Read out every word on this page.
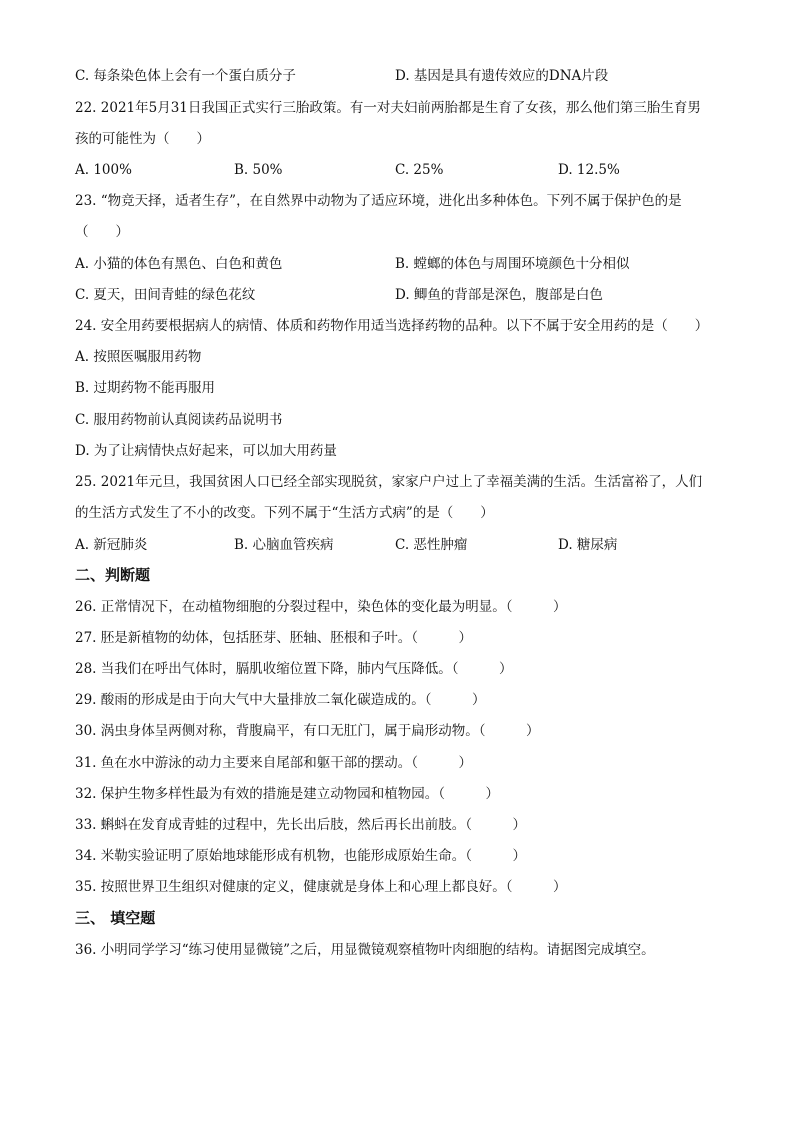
C. 每条染色体上会有一个蛋白质分子	D. 基因是具有遗传效应的DNA片段
22. 2021年5月31日我国正式实行三胎政策。有一对夫妇前两胎都是生育了女孩，那么他们第三胎生育男
孩的可能性为（　　）
A. 100%	B. 50%	C. 25%	D. 12.5%
23. “物竞天择，适者生存”，在自然界中动物为了适应环境，进化出多种体色。下列不属于保护色的是
（　　）
A. 小猫的体色有黑色、白色和黄色	B. 螳螂的体色与周围环境颜色十分相似
C. 夏天，田间青蛙的绿色花纹	D. 鲫鱼的背部是深色，腹部是白色
24. 安全用药要根据病人的病情、体质和药物作用适当选择药物的品种。以下不属于安全用药的是（　　）
A. 按照医嘱服用药物
B. 过期药物不能再服用
C. 服用药物前认真阅读药品说明书
D. 为了让病情快点好起来，可以加大用药量
25. 2021年元旦，我国贫困人口已经全部实现脱贫，家家户户过上了幸福美满的生活。生活富裕了，人们
的生活方式发生了不小的改变。下列不属于“生活方式病”的是（　　）
A. 新冠肺炎	B. 心脑血管疾病	C. 恶性肿瘤	D. 糖尿病
二、判断题
26. 正常情况下，在动植物细胞的分裂过程中，染色体的变化最为明显。（　　　）
27. 胚是新植物的幼体，包括胚芽、胚轴、胚根和子叶。（　　　）
28. 当我们在呼出气体时，膈肌收缩位置下降，肺内气压降低。（　　　）
29. 酸雨的形成是由于向大气中大量排放二氧化碳造成的。（　　　）
30. 涡虫身体呈两侧对称，背腹扁平，有口无肛门，属于扁形动物。（　　　）
31. 鱼在水中游泳的动力主要来自尾部和躯干部的摆动。（　　　）
32. 保护生物多样性最为有效的措施是建立动物园和植物园。（　　　）
33. 蝌蚪在发育成青蛙的过程中，先长出后肢，然后再长出前肢。（　　　）
34. 米勒实验证明了原始地球能形成有机物，也能形成原始生命。（　　　）
35. 按照世界卫生组织对健康的定义，健康就是身体上和心理上都良好。（　　　）
三、 填空题
36. 小明同学学习“练习使用显微镜”之后，用显微镜观察植物叶肉细胞的结构。请据图完成填空。
